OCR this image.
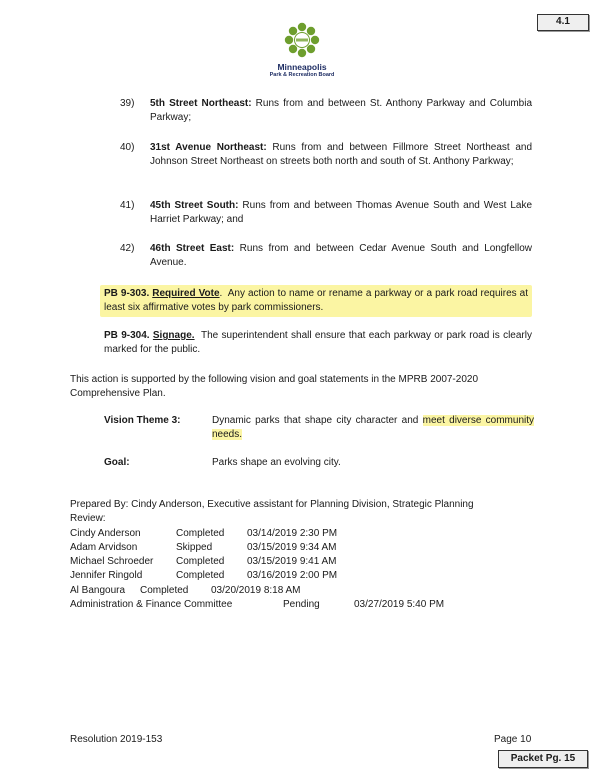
4.1
Minneapolis
Park & Recreation Board
39) 5th Street Northeast: Runs from and between St. Anthony Parkway and Columbia Parkway;
40) 31st Avenue Northeast: Runs from and between Fillmore Street Northeast and Johnson Street Northeast on streets both north and south of St. Anthony Parkway;
41) 45th Street South: Runs from and between Thomas Avenue South and West Lake Harriet Parkway; and
42) 46th Street East: Runs from and between Cedar Avenue South and Longfellow Avenue.
PB 9-303. Required Vote.  Any action to name or rename a parkway or a park road requires at least six affirmative votes by park commissioners.
PB 9-304. Signage. The superintendent shall ensure that each parkway or park road is clearly marked for the public.
This action is supported by the following vision and goal statements in the MPRB 2007-2020 Comprehensive Plan.
Vision Theme 3:	Dynamic parks that shape city character and meet diverse community needs.
Goal:	Parks shape an evolving city.
Prepared By: Cindy Anderson, Executive assistant for Planning Division, Strategic Planning
Review:
Cindy Anderson	Completed 03/14/2019 2:30 PM
Adam Arvidson	Skipped	03/15/2019 9:34 AM
Michael Schroeder Completed 03/15/2019 9:41 AM
Jennifer Ringold	Completed 03/16/2019 2:00 PM
Al Bangoura Completed 03/20/2019 8:18 AM
Administration & Finance Committee	Pending	03/27/2019 5:40 PM
Resolution 2019-153	Page 10
Packet Pg. 15
